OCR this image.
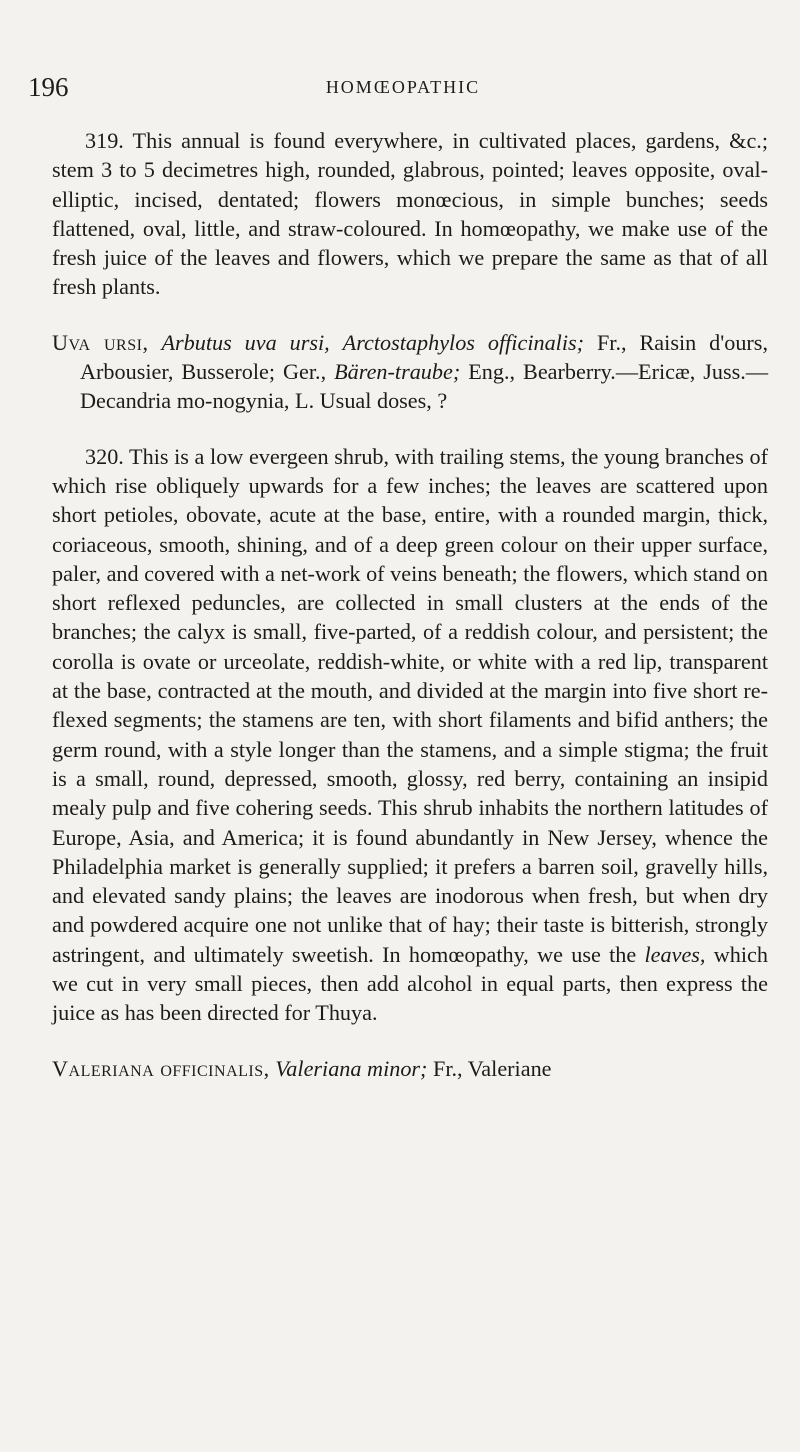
196	HOMŒOPATHIC

319. This annual is found everywhere, in cultivated places, gardens, &c.; stem 3 to 5 decimetres high, rounded, glabrous, pointed; leaves opposite, oval-elliptic, incised, dentated; flowers monœcious, in simple bunches; seeds flattened, oval, little, and straw-coloured. In homœopathy, we make use of the fresh juice of the leaves and flowers, which we prepare the same as that of all fresh plants.

Uva ursi, Arbutus uva ursi, Arctostaphylos officinalis; Fr., Raisin d'ours, Arbousier, Busserole; Ger., Bären-traube; Eng., Bearberry.—Ericæ, Juss.—Decandria mo-nogynia, L. Usual doses, ?

320. This is a low evergeen shrub, with trailing stems, the young branches of which rise obliquely upwards for a few inches; the leaves are scattered upon short petioles, obovate, acute at the base, entire, with a rounded margin, thick, coriaceous, smooth, shining, and of a deep green colour on their upper surface, paler, and covered with a net-work of veins beneath; the flowers, which stand on short reflexed peduncles, are collected in small clusters at the ends of the branches; the calyx is small, five-parted, of a reddish colour, and persistent; the corolla is ovate or urceolate, reddish-white, or white with a red lip, transparent at the base, contracted at the mouth, and divided at the margin into five short re-flexed segments; the stamens are ten, with short filaments and bifid anthers; the germ round, with a style longer than the stamens, and a simple stigma; the fruit is a small, round, depressed, smooth, glossy, red berry, containing an insipid mealy pulp and five cohering seeds. This shrub inhabits the northern latitudes of Europe, Asia, and America; it is found abundantly in New Jersey, whence the Philadelphia market is generally supplied; it prefers a barren soil, gravelly hills, and elevated sandy plains; the leaves are inodorous when fresh, but when dry and powdered acquire one not unlike that of hay; their taste is bitterish, strongly astringent, and ultimately sweetish. In homœopathy, we use the leaves, which we cut in very small pieces, then add alcohol in equal parts, then express the juice as has been directed for Thuya.

Valeriana officinalis, Valeriana minor; Fr., Valeriane
